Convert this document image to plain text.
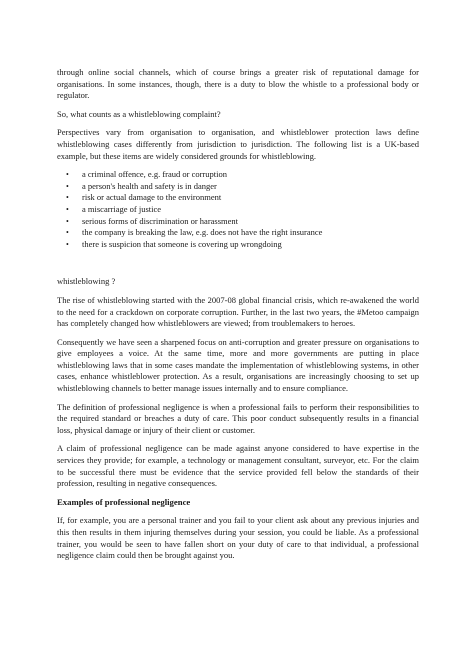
through online social channels, which of course brings a greater risk of reputational damage for organisations. In some instances, though, there is a duty to blow the whistle to a professional body or regulator.

So, what counts as a whistleblowing complaint?

Perspectives vary from organisation to organisation, and whistleblower protection laws define whistleblowing cases differently from jurisdiction to jurisdiction. The following list is a UK-based example, but these items are widely considered grounds for whistleblowing.

• a criminal offence, e.g. fraud or corruption
• a person's health and safety is in danger
• risk or actual damage to the environment
• a miscarriage of justice
• serious forms of discrimination or harassment
• the company is breaking the law, e.g. does not have the right insurance
• there is suspicion that someone is covering up wrongdoing

whistleblowing ?

The rise of whistleblowing started with the 2007-08 global financial crisis, which re-awakened the world to the need for a crackdown on corporate corruption. Further, in the last two years, the #Metoo campaign has completely changed how whistleblowers are viewed; from troublemakers to heroes.

Consequently we have seen a sharpened focus on anti-corruption and greater pressure on organisations to give employees a voice. At the same time, more and more governments are putting in place whistleblowing laws that in some cases mandate the implementation of whistleblowing systems, in other cases, enhance whistleblower protection. As a result, organisations are increasingly choosing to set up whistleblowing channels to better manage issues internally and to ensure compliance.

The definition of professional negligence is when a professional fails to perform their responsibilities to the required standard or breaches a duty of care. This poor conduct subsequently results in a financial loss, physical damage or injury of their client or customer.

A claim of professional negligence can be made against anyone considered to have expertise in the services they provide; for example, a technology or management consultant, surveyor, etc. For the claim to be successful there must be evidence that the service provided fell below the standards of their profession, resulting in negative consequences.

Examples of professional negligence

If, for example, you are a personal trainer and you fail to your client ask about any previous injuries and this then results in them injuring themselves during your session, you could be liable. As a professional trainer, you would be seen to have fallen short on your duty of care to that individual, a professional negligence claim could then be brought against you.
